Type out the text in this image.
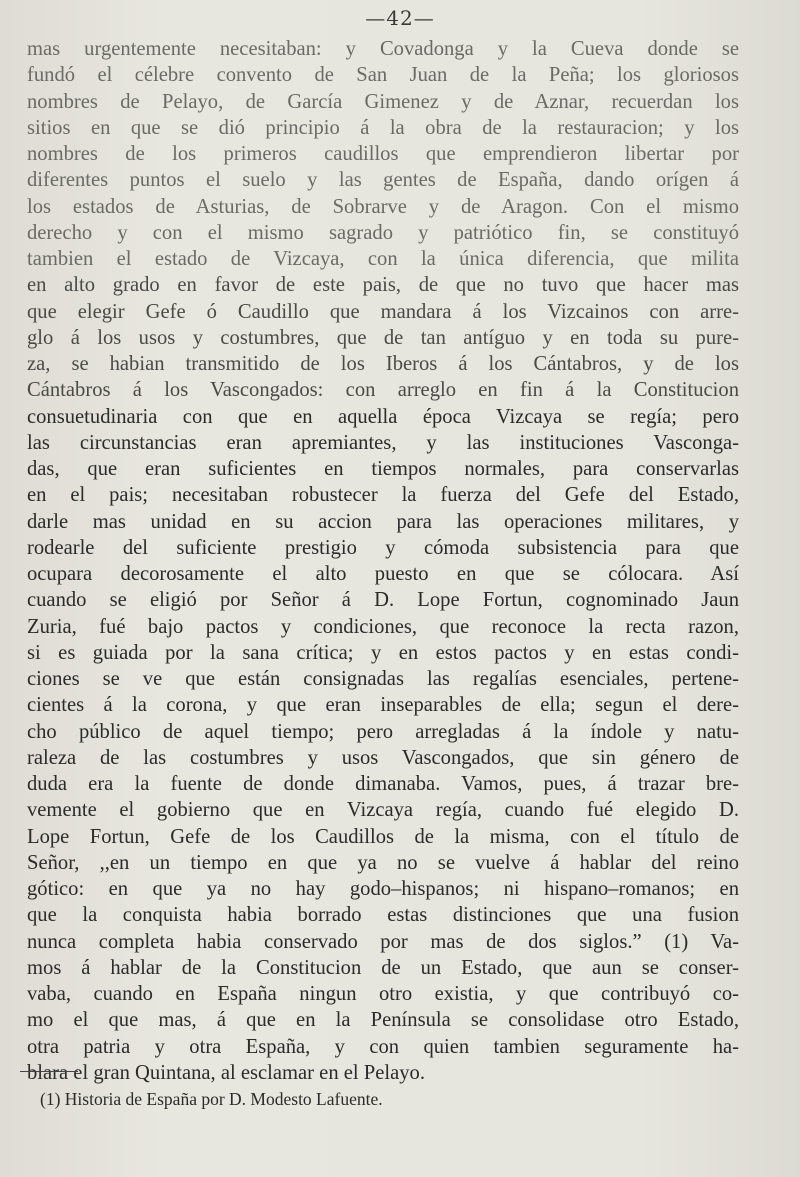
—42—
mas urgentemente necesitaban: y Covadonga y la Cueva donde se
fundó el célebre convento de San Juan de la Peña; los gloriosos
nombres de Pelayo, de García Gimenez y de Aznar, recuerdan los
sitios en que se dió principio á la obra de la restauracion; y los
nombres de los primeros caudillos que emprendieron libertar por
diferentes puntos el suelo y las gentes de España, dando orígen á
los estados de Asturias, de Sobrarve y de Aragon. Con el mismo
derecho y con el mismo sagrado y patriótico fin, se constituyó
tambien el estado de Vizcaya, con la única diferencia, que milita
en alto grado en favor de este pais, de que no tuvo que hacer mas
que elegir Gefe ó Caudillo que mandara á los Vizcainos con arre-
glo á los usos y costumbres, que de tan antíguo y en toda su pure-
za, se habian transmitido de los Iberos á los Cántabros, y de los
Cántabros á los Vascongados: con arreglo en fin á la Constitucion
consuetudinaria con que en aquella época Vizcaya se regía; pero
las circunstancias eran apremiantes, y las instituciones Vasconga-
das, que eran suficientes en tiempos normales, para conservarlas
en el pais; necesitaban robustecer la fuerza del Gefe del Estado,
darle mas unidad en su accion para las operaciones militares, y
rodearle del suficiente prestigio y cómoda subsistencia para que
ocupara decorosamente el alto puesto en que se cólocara. Así
cuando se eligió por Señor á D. Lope Fortun, cognominado Jaun
Zuria, fué bajo pactos y condiciones, que reconoce la recta razon,
si es guiada por la sana crítica; y en estos pactos y en estas condi-
ciones se ve que están consignadas las regalías esenciales, pertene-
cientes á la corona, y que eran inseparables de ella; segun el dere-
cho público de aquel tiempo; pero arregladas á la índole y natu-
raleza de las costumbres y usos Vascongados, que sin género de
duda era la fuente de donde dimanaba. Vamos, pues, á trazar bre-
vemente el gobierno que en Vizcaya regía, cuando fué elegido D.
Lope Fortun, Gefe de los Caudillos de la misma, con el título de
Señor, ,,en un tiempo en que ya no se vuelve á hablar del reino
gótico: en que ya no hay godo–hispanos; ni hispano–romanos; en
que la conquista habia borrado estas distinciones que una fusion
nunca completa habia conservado por mas de dos siglos.” (1) Va-
mos á hablar de la Constitucion de un Estado, que aun se conser-
vaba, cuando en España ningun otro existia, y que contribuyó co-
mo el que mas, á que en la Península se consolidase otro Estado,
otra patria y otra España, y con quien tambien seguramente ha-
blara el gran Quintana, al esclamar en el Pelayo.
(1) Historia de España por D. Modesto Lafuente.
